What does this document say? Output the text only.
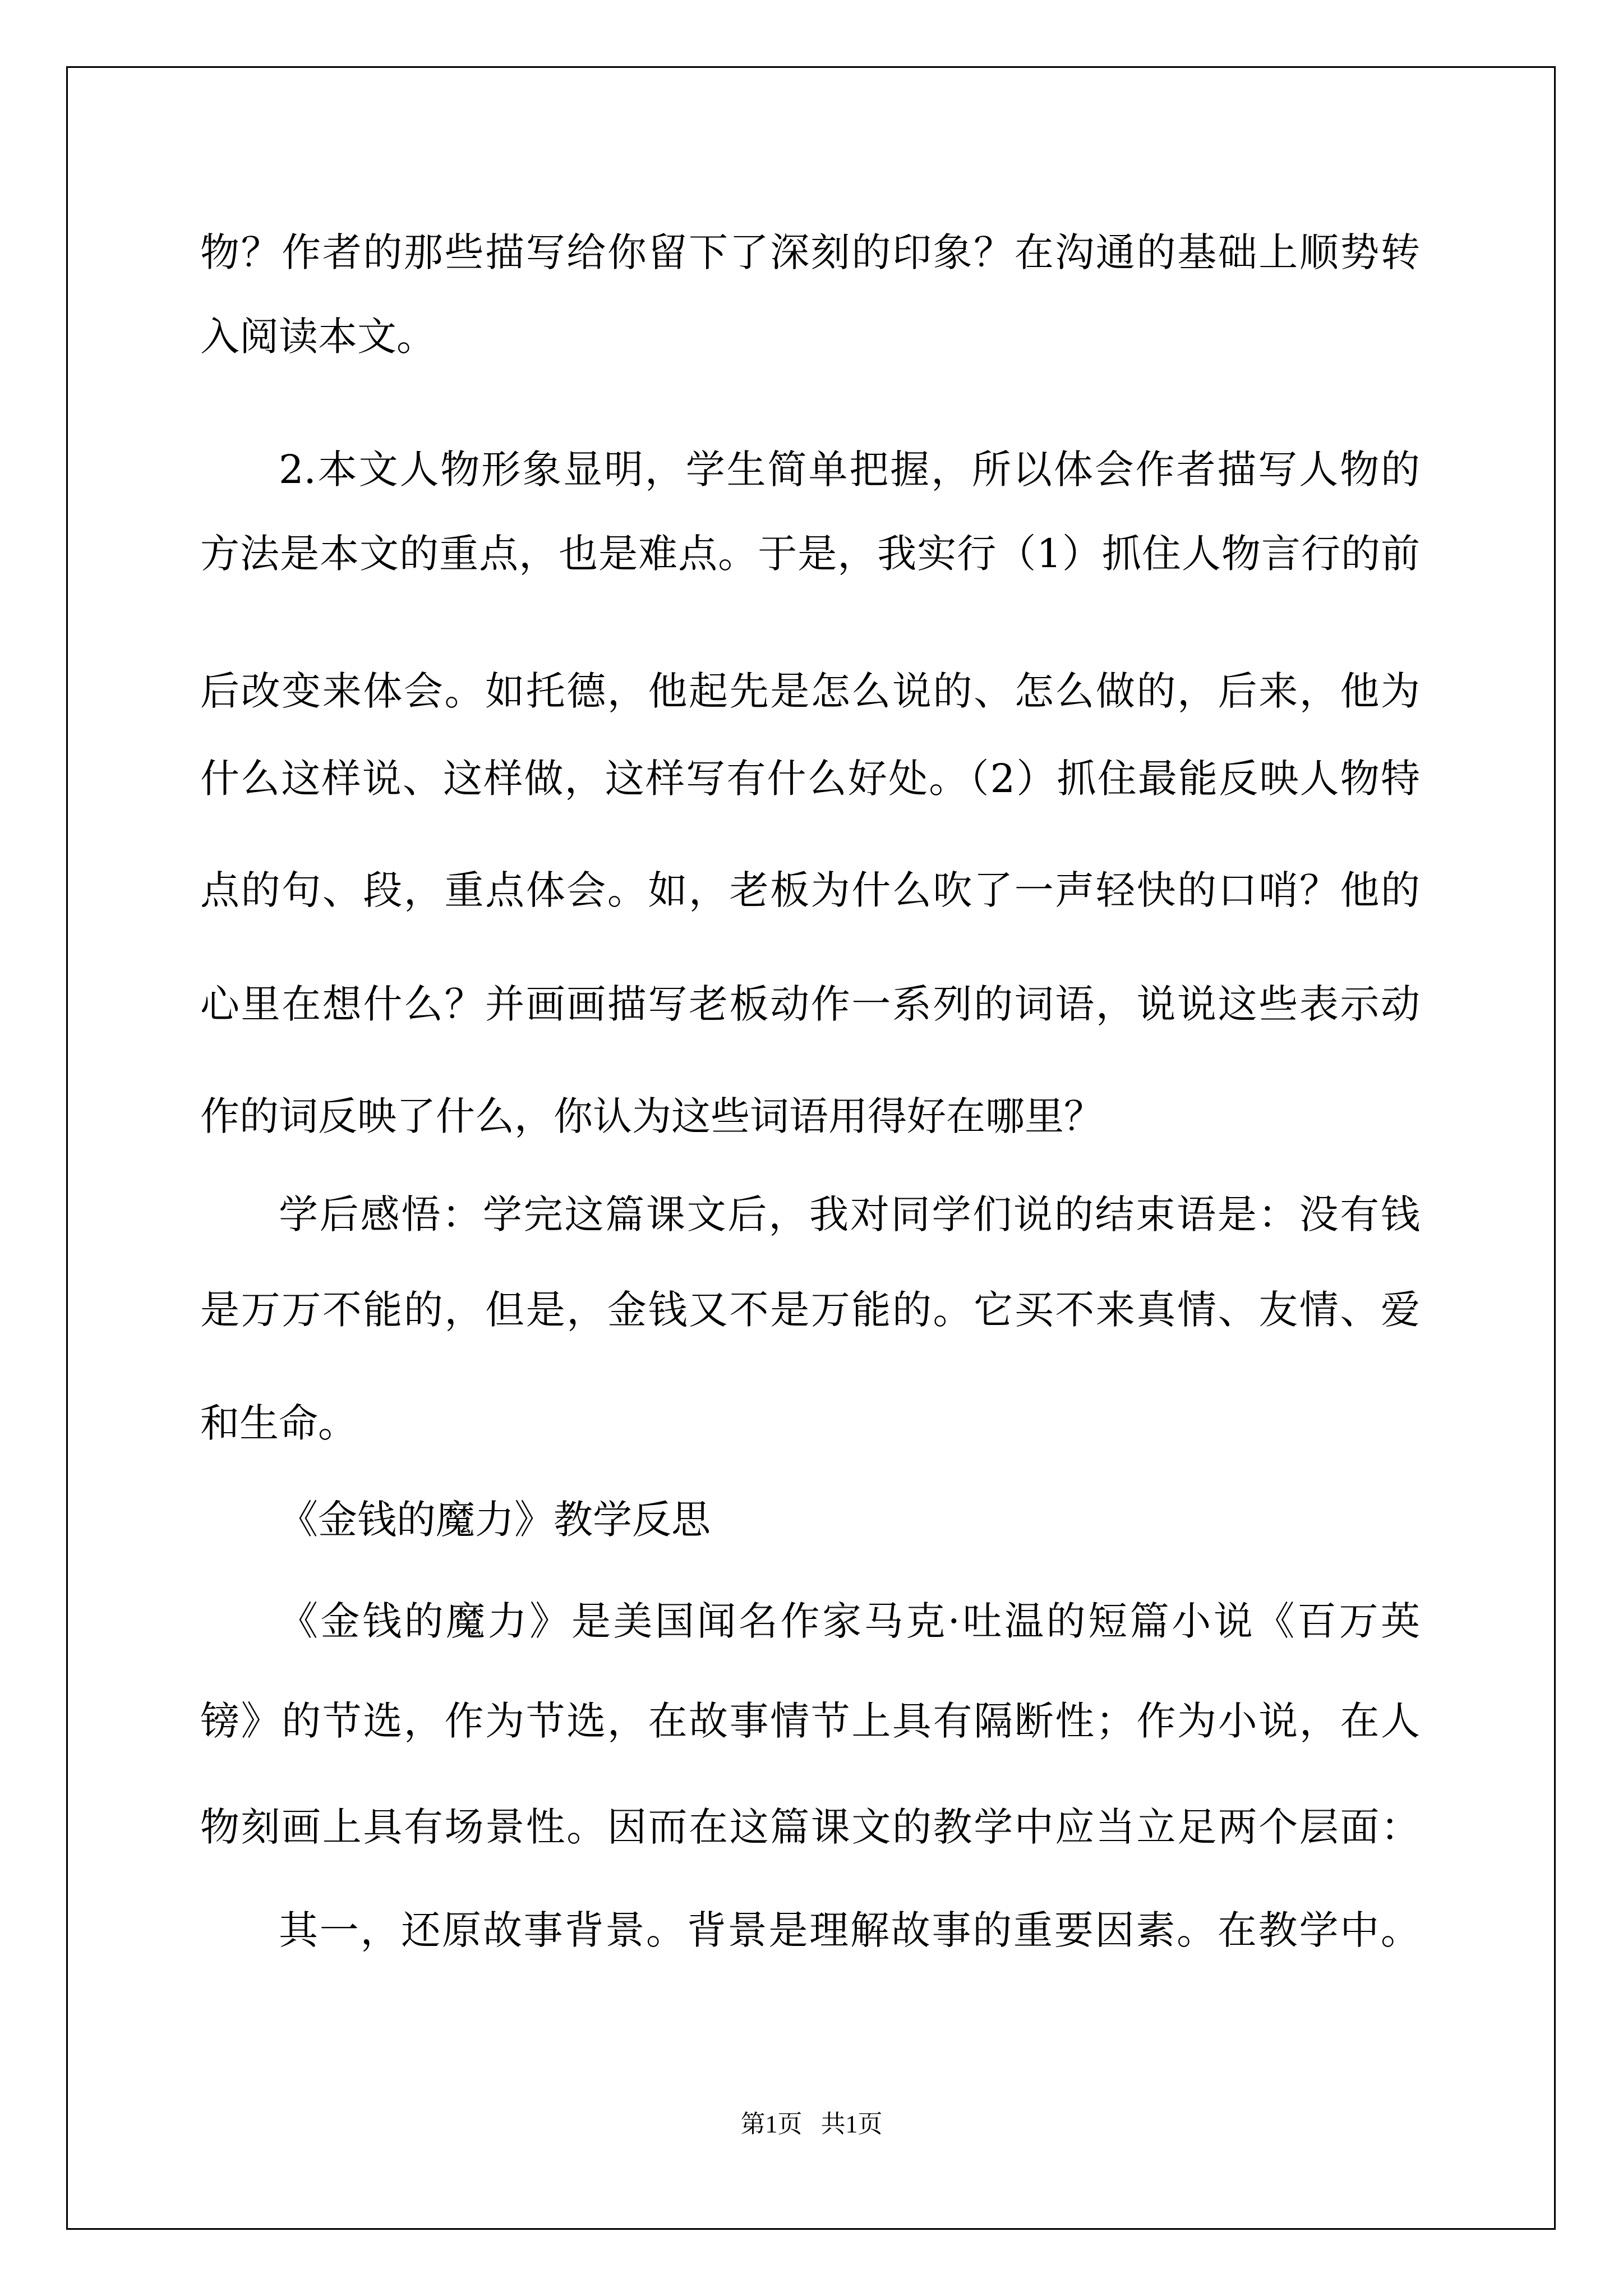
物？作者的那些描写给你留下了深刻的印象？在沟通的基础上顺势转
入阅读本文。
2.本文人物形象显明，学生简单把握，所以体会作者描写人物的
方法是本文的重点，也是难点。于是，我实行（1）抓住人物言行的前
后改变来体会。如托德，他起先是怎么说的、怎么做的，后来，他为
什么这样说、这样做，这样写有什么好处。（2）抓住最能反映人物特
点的句、段，重点体会。如，老板为什么吹了一声轻快的口哨？他的
心里在想什么？并画画描写老板动作一系列的词语，说说这些表示动
作的词反映了什么，你认为这些词语用得好在哪里？
学后感悟：学完这篇课文后，我对同学们说的结束语是：没有钱
是万万不能的，但是，金钱又不是万能的。它买不来真情、友情、爱
和生命。
《金钱的魔力》教学反思
《金钱的魔力》是美国闻名作家马克·吐温的短篇小说《百万英
镑》的节选，作为节选，在故事情节上具有隔断性；作为小说，在人
物刻画上具有场景性。因而在这篇课文的教学中应当立足两个层面：
其一，还原故事背景。背景是理解故事的重要因素。在教学中。
第1页 共1页
